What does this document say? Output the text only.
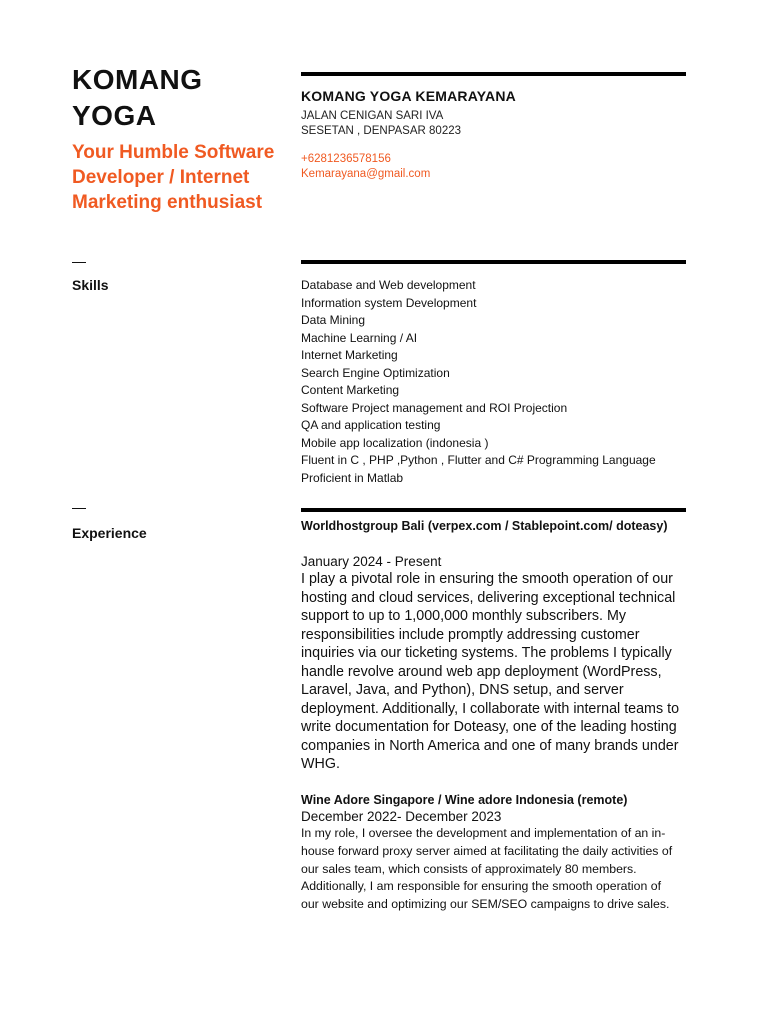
KOMANG
YOGA
Your Humble Software Developer / Internet Marketing enthusiast
Skills
Experience
KOMANG YOGA KEMARAYANA
JALAN CENIGAN SARI IVA
SESETAN , DENPASAR 80223
+6281236578156
Kemarayana@gmail.com
Database and Web development
Information system Development
Data Mining
Machine Learning / AI
Internet Marketing
Search Engine Optimization
Content Marketing
Software Project management and ROI Projection
QA and application testing
Mobile app localization (indonesia )
Fluent in C , PHP ,Python , Flutter and C# Programming Language
Proficient in Matlab
Worldhostgroup Bali (verpex.com / Stablepoint.com/ doteasy)
January 2024 - Present
I play a pivotal role in ensuring the smooth operation of our hosting and cloud services, delivering exceptional technical support to up to 1,000,000 monthly subscribers. My responsibilities include promptly addressing customer inquiries via our ticketing systems. The problems I typically handle revolve around web app deployment (WordPress, Laravel, Java, and Python), DNS setup, and server deployment. Additionally, I collaborate with internal teams to write documentation for Doteasy, one of the leading hosting companies in North America and one of many brands under WHG.
Wine Adore Singapore / Wine adore Indonesia (remote)
December 2022- December 2023
In my role, I oversee the development and implementation of an in-house forward proxy server aimed at facilitating the daily activities of our sales team, which consists of approximately 80 members. Additionally, I am responsible for ensuring the smooth operation of our website and optimizing our SEM/SEO campaigns to drive sales.
